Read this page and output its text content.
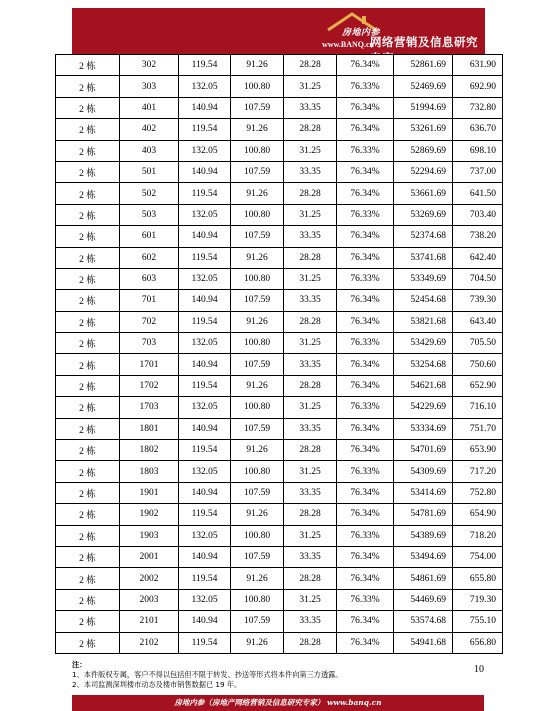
房地内参
www.BANQ.cn
网络营销及信息研究专家
2 栋	302	119.54	91.26	28.28	76.34%	52861.69	631.90
2 栋	303	132.05	100.80	31.25	76.33%	52469.69	692.90
2 栋	401	140.94	107.59	33.35	76.34%	51994.69	732.80
2 栋	402	119.54	91.26	28.28	76.34%	53261.69	636.70
2 栋	403	132.05	100.80	31.25	76.33%	52869.69	698.10
2 栋	501	140.94	107.59	33.35	76.34%	52294.69	737.00
2 栋	502	119.54	91.26	28.28	76.34%	53661.69	641.50
2 栋	503	132.05	100.80	31.25	76.33%	53269.69	703.40
2 栋	601	140.94	107.59	33.35	76.34%	52374.68	738.20
2 栋	602	119.54	91.26	28.28	76.34%	53741.68	642.40
2 栋	603	132.05	100.80	31.25	76.33%	53349.69	704.50
2 栋	701	140.94	107.59	33.35	76.34%	52454.68	739.30
2 栋	702	119.54	91.26	28.28	76.34%	53821.68	643.40
2 栋	703	132.05	100.80	31.25	76.33%	53429.69	705.50
2 栋	1701	140.94	107.59	33.35	76.34%	53254.68	750.60
2 栋	1702	119.54	91.26	28.28	76.34%	54621.68	652.90
2 栋	1703	132.05	100.80	31.25	76.33%	54229.69	716.10
2 栋	1801	140.94	107.59	33.35	76.34%	53334.69	751.70
2 栋	1802	119.54	91.26	28.28	76.34%	54701.69	653.90
2 栋	1803	132.05	100.80	31.25	76.33%	54309.69	717.20
2 栋	1901	140.94	107.59	33.35	76.34%	53414.69	752.80
2 栋	1902	119.54	91.26	28.28	76.34%	54781.69	654.90
2 栋	1903	132.05	100.80	31.25	76.33%	54389.69	718.20
2 栋	2001	140.94	107.59	33.35	76.34%	53494.69	754.00
2 栋	2002	119.54	91.26	28.28	76.34%	54861.69	655.80
2 栋	2003	132.05	100.80	31.25	76.33%	54469.69	719.30
2 栋	2101	140.94	107.59	33.35	76.34%	53574.68	755.10
2 栋	2102	119.54	91.26	28.28	76.34%	54941.68	656.80
注：
1、本件版权专属，客户不得以包括但不限于转发、抄送等形式将本件向第三方透露。
2、本司监测深圳楼市动态及楼市销售数据已 19 年。
10
房地内参（房地产网络营销及信息研究专家） www.banq.cn
